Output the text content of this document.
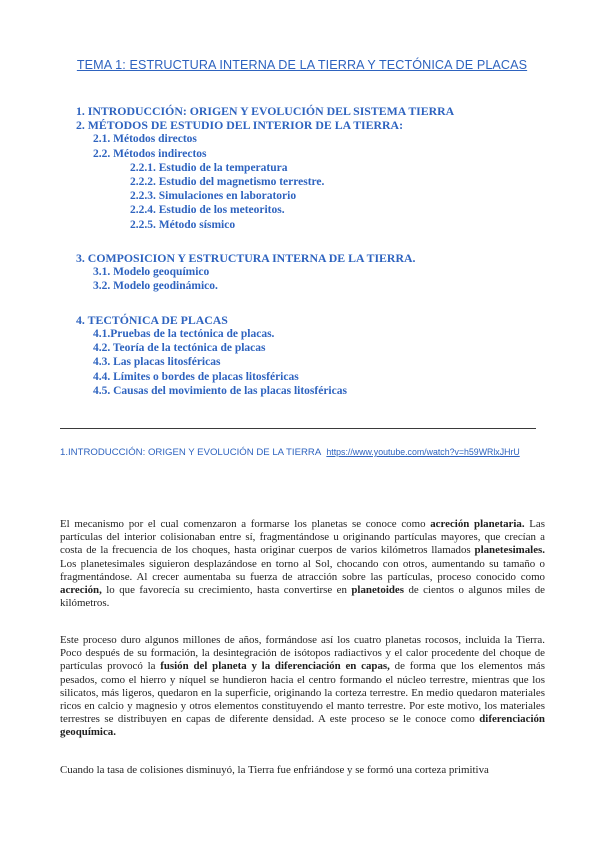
TEMA 1: ESTRUCTURA INTERNA DE LA TIERRA Y TECTÓNICA DE PLACAS
1. INTRODUCCIÓN: ORIGEN Y EVOLUCIÓN DEL SISTEMA TIERRA
2. MÉTODOS DE ESTUDIO DEL INTERIOR DE LA TIERRA:
2.1. Métodos directos
2.2. Métodos indirectos
2.2.1. Estudio de la temperatura
2.2.2. Estudio del magnetismo terrestre.
2.2.3. Simulaciones en laboratorio
2.2.4. Estudio de los meteoritos.
2.2.5. Método sísmico
3. COMPOSICION Y ESTRUCTURA INTERNA DE LA TIERRA.
3.1. Modelo geoquímico
3.2. Modelo geodinámico.
4. TECTÓNICA DE PLACAS
4.1.Pruebas de la tectónica de placas.
4.2. Teoría de la tectónica de placas
4.3. Las placas litosféricas
4.4. Límites o bordes de placas litosféricas
4.5. Causas del movimiento de las placas litosféricas
1.INTRODUCCIÓN: ORIGEN Y EVOLUCIÓN DE LA TIERRA https://www.youtube.com/watch?v=h59WRlxJHrU
El mecanismo por el cual comenzaron a formarse los planetas se conoce como acreción planetaria. Las partículas del interior colisionaban entre sí, fragmentándose u originando partículas mayores, que crecían a costa de la frecuencia de los choques, hasta originar cuerpos de varios kilómetros llamados planetesimales. Los planetesimales siguieron desplazándose en torno al Sol, chocando con otros, aumentando su tamaño o fragmentándose. Al crecer aumentaba su fuerza de atracción sobre las partículas, proceso conocido como acreción, lo que favorecía su crecimiento, hasta convertirse en planetoides de cientos o algunos miles de kilómetros.
Este proceso duro algunos millones de años, formándose así los cuatro planetas rocosos, incluida la Tierra. Poco después de su formación, la desintegración de isótopos radiactivos y el calor procedente del choque de partículas provocó la fusión del planeta y la diferenciación en capas, de forma que los elementos más pesados, como el hierro y níquel se hundieron hacia el centro formando el núcleo terrestre, mientras que los silicatos, más ligeros, quedaron en la superficie, originando la corteza terrestre. En medio quedaron materiales ricos en calcio y magnesio y otros elementos constituyendo el manto terrestre. Por este motivo, los materiales terrestres se distribuyen en capas de diferente densidad. A este proceso se le conoce como diferenciación geoquímica.
Cuando la tasa de colisiones disminuyó, la Tierra fue enfriándose y se formó una corteza primitiva
